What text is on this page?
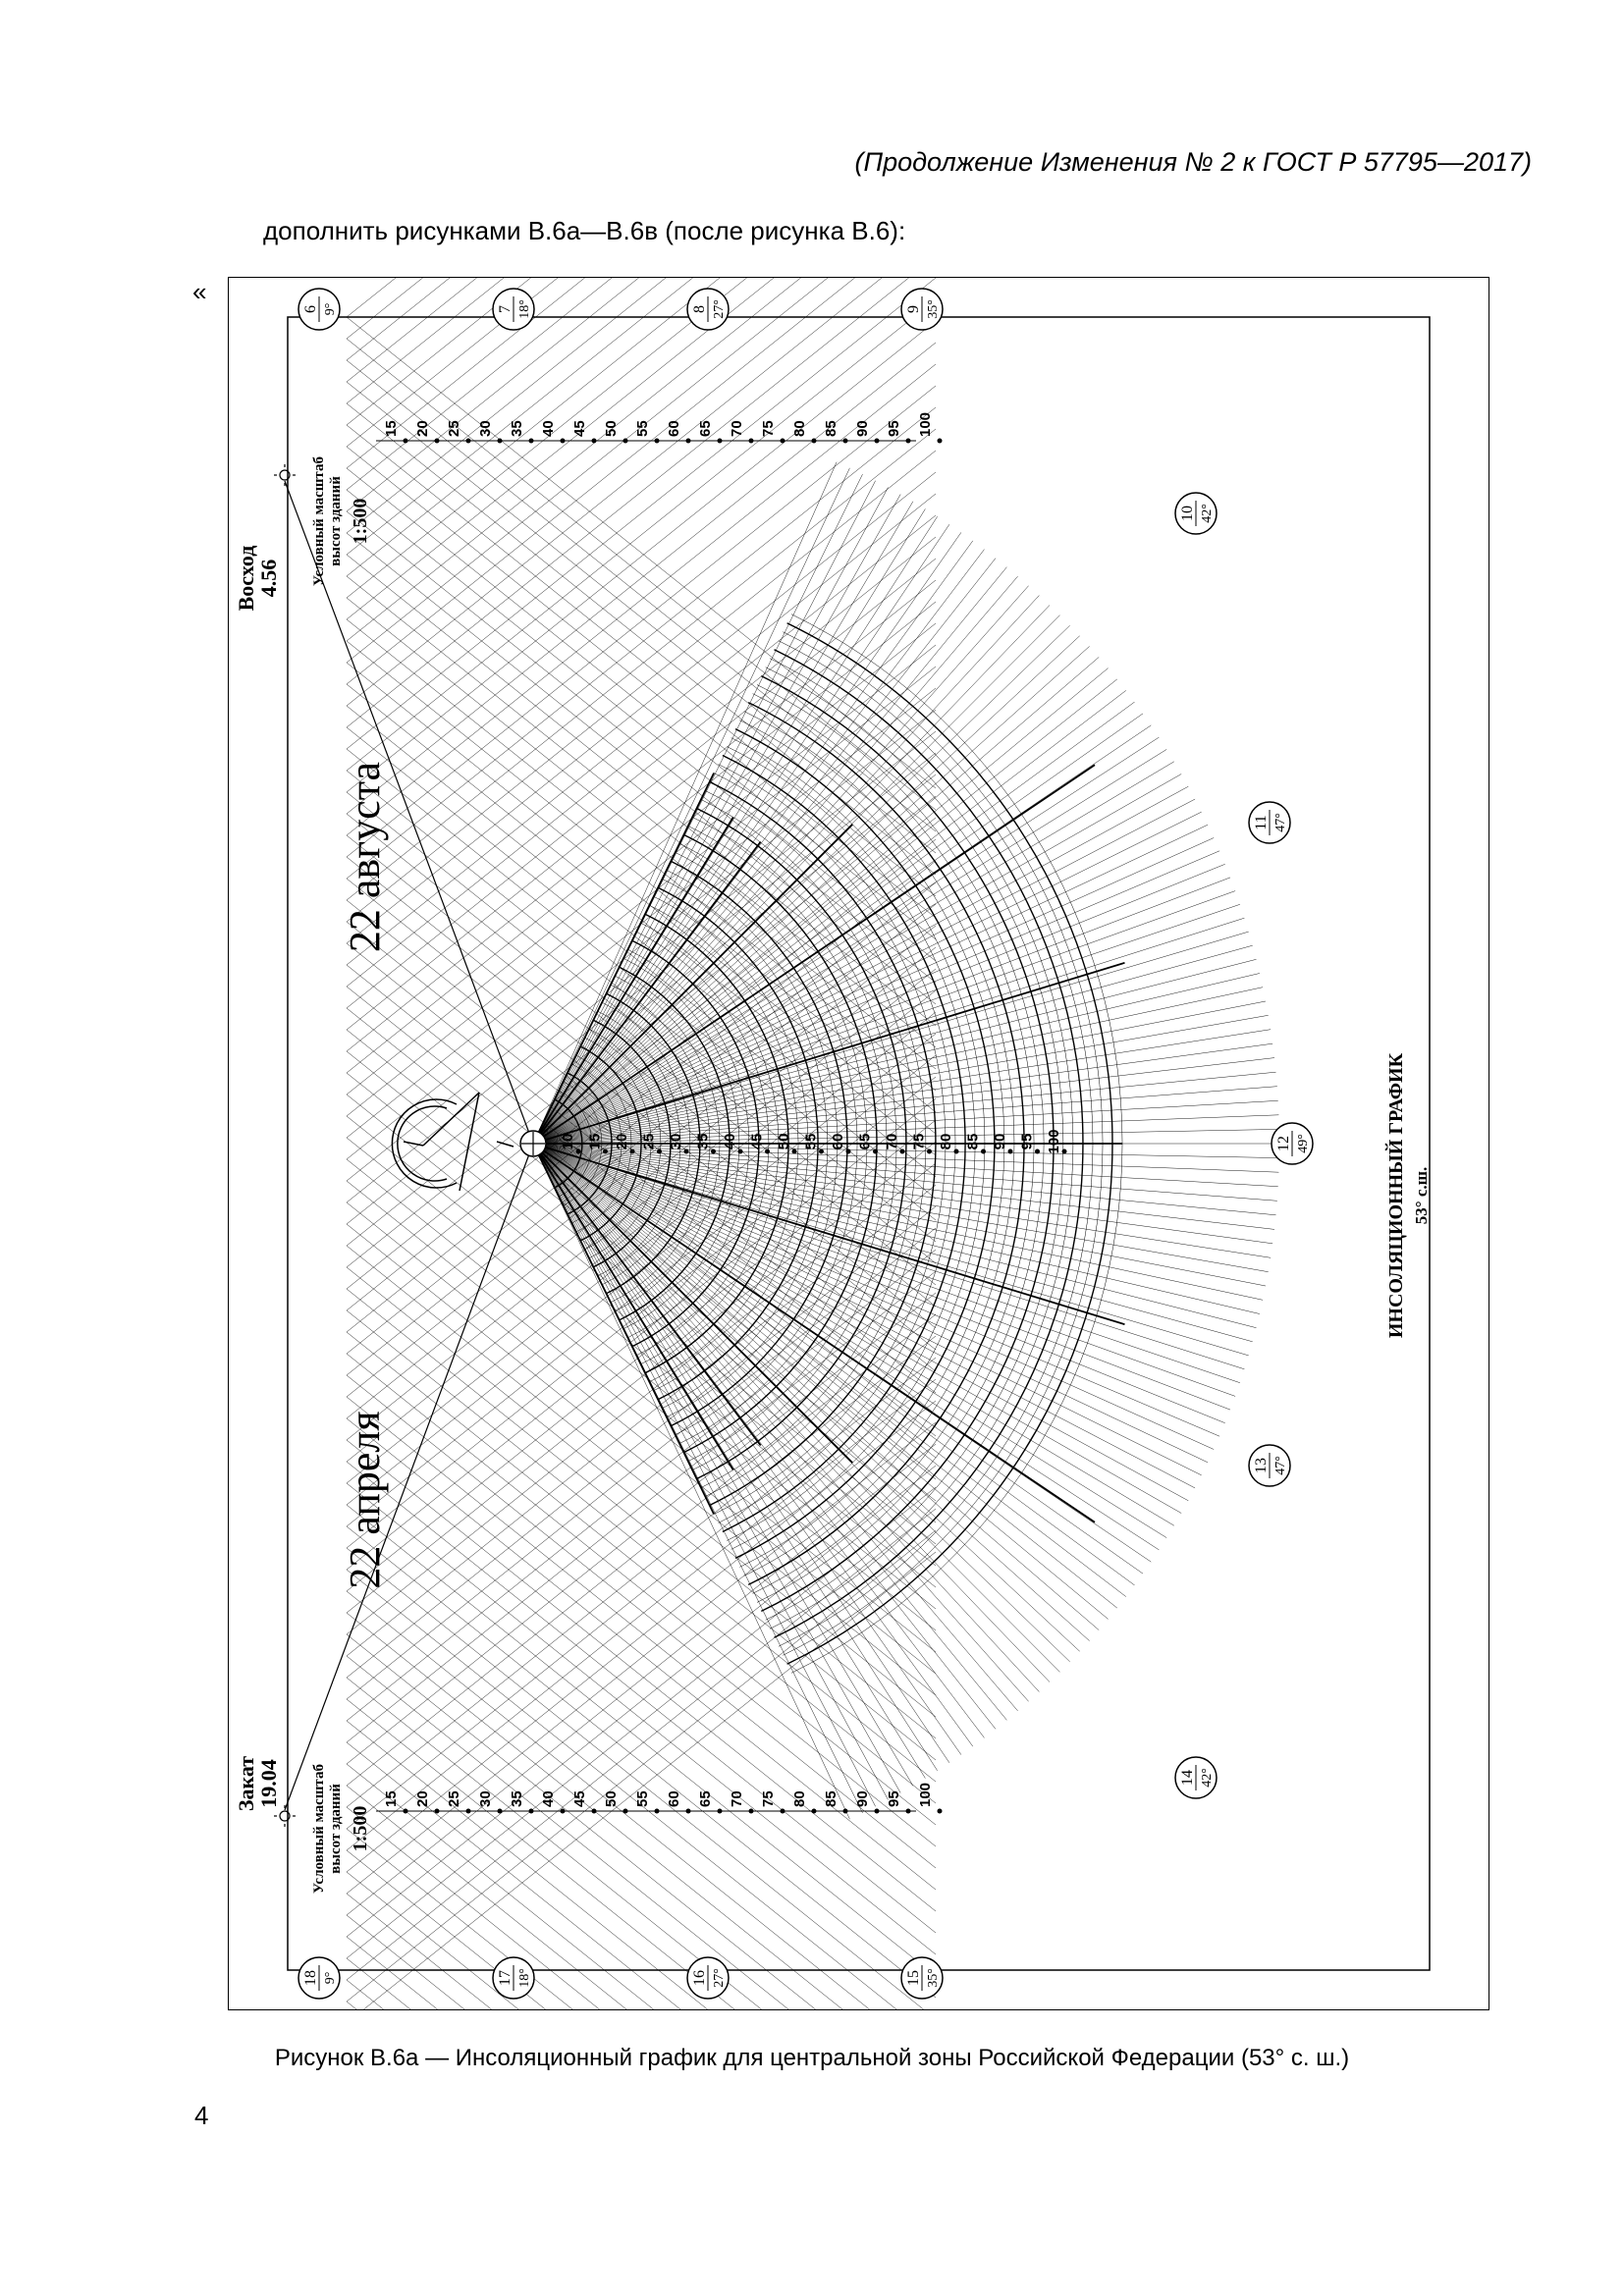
(Продолжение Изменения № 2 к ГОСТ Р 57795—2017)
дополнить рисунками В.6а—В.6в (после рисунка В.6):
«
15 20 25 30 35 40 45 50 55 60 65 70 75 80 85 90 95 100
15 20 25 30 35 40 45 50 55 60 65 70 75 80 85 90 95 100
10 15 20 25 30 35 40 45 50 55 60 65 70 75 80 85 90 95 100
6 9°	7 18°	8 27°	9 35°
10 42°
11 47°
12 49°
13 47°
14 42°
15 35°
16 27°
17 18°
18 9°
22 августа
22 апреля
Восход
4.56
Закат
19.04
Условный масштаб высот зданий 1:500
Условный масштаб высот зданий 1:500
ИНСОЛЯЦИОННЫЙ ГРАФИК 53° с.ш.
Рисунок В.6а — Инсоляционный график для центральной зоны Российской Федерации (53° с. ш.)
4
